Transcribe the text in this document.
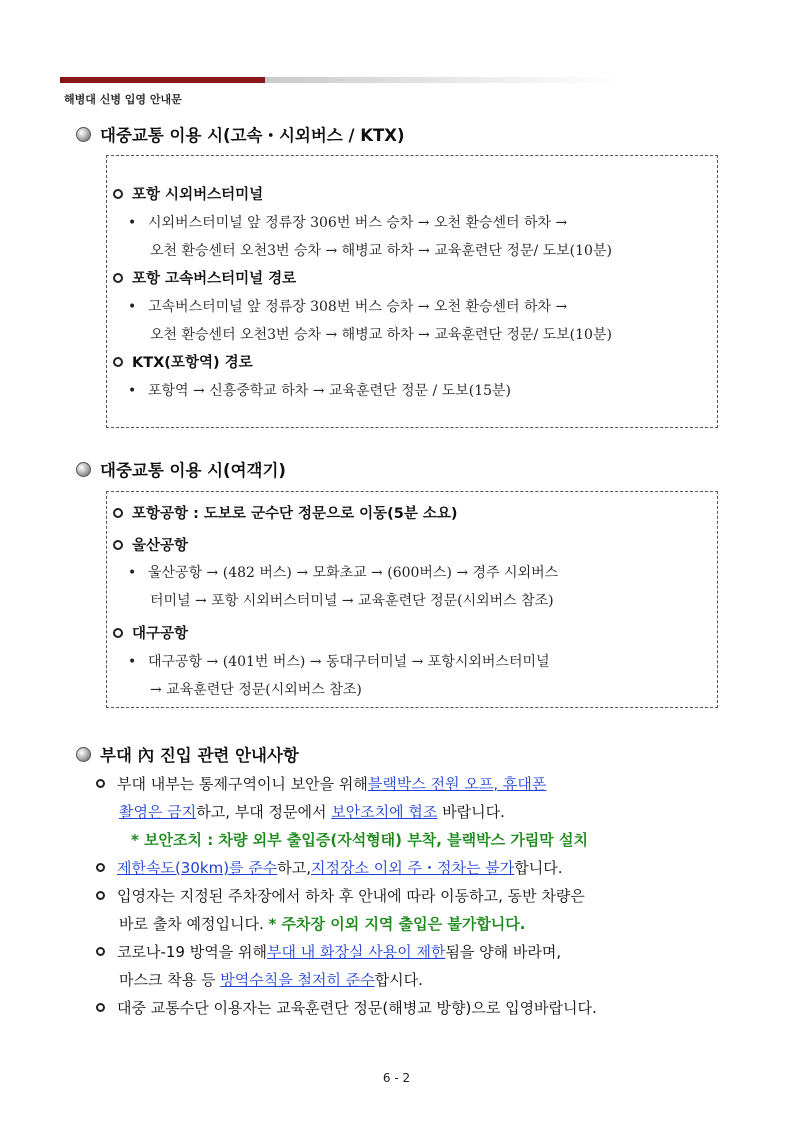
해병대 신병 입영 안내문
대중교통 이용 시(고속・시외버스 / KTX)
포항 시외버스터미널
• 시외버스터미널 앞 정류장 306번 버스 승차 → 오천 환승센터 하차 →
오천 환승센터 오천3번 승차 → 해병교 하차 → 교육훈련단 정문/ 도보(10분)
포항 고속버스터미널 경로
• 고속버스터미널 앞 정류장 308번 버스 승차 → 오천 환승센터 하차 →
오천 환승센터 오천3번 승차 → 해병교 하차 → 교육훈련단 정문/ 도보(10분)
KTX(포항역) 경로
• 포항역 → 신흥중학교 하차 → 교육훈련단 정문 / 도보(15분)
대중교통 이용 시(여객기)
포항공항 : 도보로 군수단 정문으로 이동(5분 소요)
울산공항
• 울산공항 → (482 버스) → 모화초교 → (600버스) → 경주 시외버스
터미널 → 포항 시외버스터미널 → 교육훈련단 정문(시외버스 참조)
대구공항
• 대구공항 → (401번 버스) → 동대구터미널 → 포항시외버스터미널
→ 교육훈련단 정문(시외버스 참조)
부대 內 진입 관련 안내사항
부대 내부는 통제구역이니 보안을 위해 블랙박스 전원 오프, 휴대폰
촬영은 금지하고, 부대 정문에서 보안조치에 협조 바랍니다.
* 보안조치 : 차량 외부 출입증(자석형태) 부착, 블랙박스 가림막 설치
제한속도(30km)를 준수 하고, 지정장소 이외 주・정차는 불가 합니다.
입영자는 지정된 주차장에서 하차 후 안내에 따라 이동하고, 동반 차량은
바로 출차 예정입니다. * 주차장 이외 지역 출입은 불가합니다.
코로나-19 방역을 위해 부대 내 화장실 사용이 제한 됨을 양해 바라며,
마스크 착용 등 방역수칙을 철저히 준수합시다.
대중 교통수단 이용자는 교육훈련단 정문(해병교 방향)으로 입영바랍니다.
6 - 2
